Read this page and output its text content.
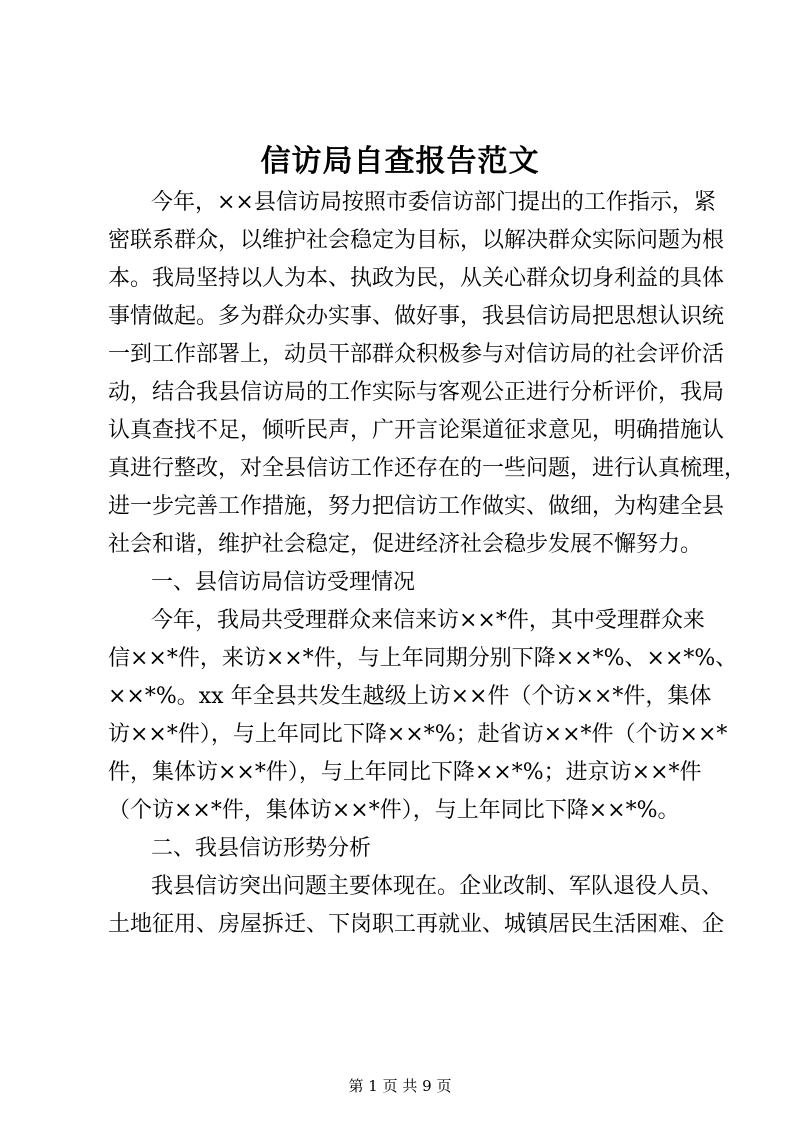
信访局自查报告范文
今年，××县信访局按照市委信访部门提出的工作指示，紧
密联系群众，以维护社会稳定为目标，以解决群众实际问题为根
本。我局坚持以人为本、执政为民，从关心群众切身利益的具体
事情做起。多为群众办实事、做好事，我县信访局把思想认识统
一到工作部署上，动员干部群众积极参与对信访局的社会评价活
动，结合我县信访局的工作实际与客观公正进行分析评价，我局
认真查找不足，倾听民声，广开言论渠道征求意见，明确措施认
真进行整改，对全县信访工作还存在的一些问题，进行认真梳理，
进一步完善工作措施，努力把信访工作做实、做细，为构建全县
社会和谐，维护社会稳定，促进经济社会稳步发展不懈努力。
一、县信访局信访受理情况
今年，我局共受理群众来信来访××*件，其中受理群众来
信××*件，来访××*件，与上年同期分别下降××*%、××*%、
××*%。xx 年全县共发生越级上访××件（个访××*件，集体
访××*件），与上年同比下降××*%；赴省访××*件（个访××*
件，集体访××*件），与上年同比下降××*%；进京访××*件
（个访××*件，集体访××*件），与上年同比下降××*%。
二、我县信访形势分析
我县信访突出问题主要体现在。企业改制、军队退役人员、
土地征用、房屋拆迁、下岗职工再就业、城镇居民生活困难、企
第 1 页 共 9 页
